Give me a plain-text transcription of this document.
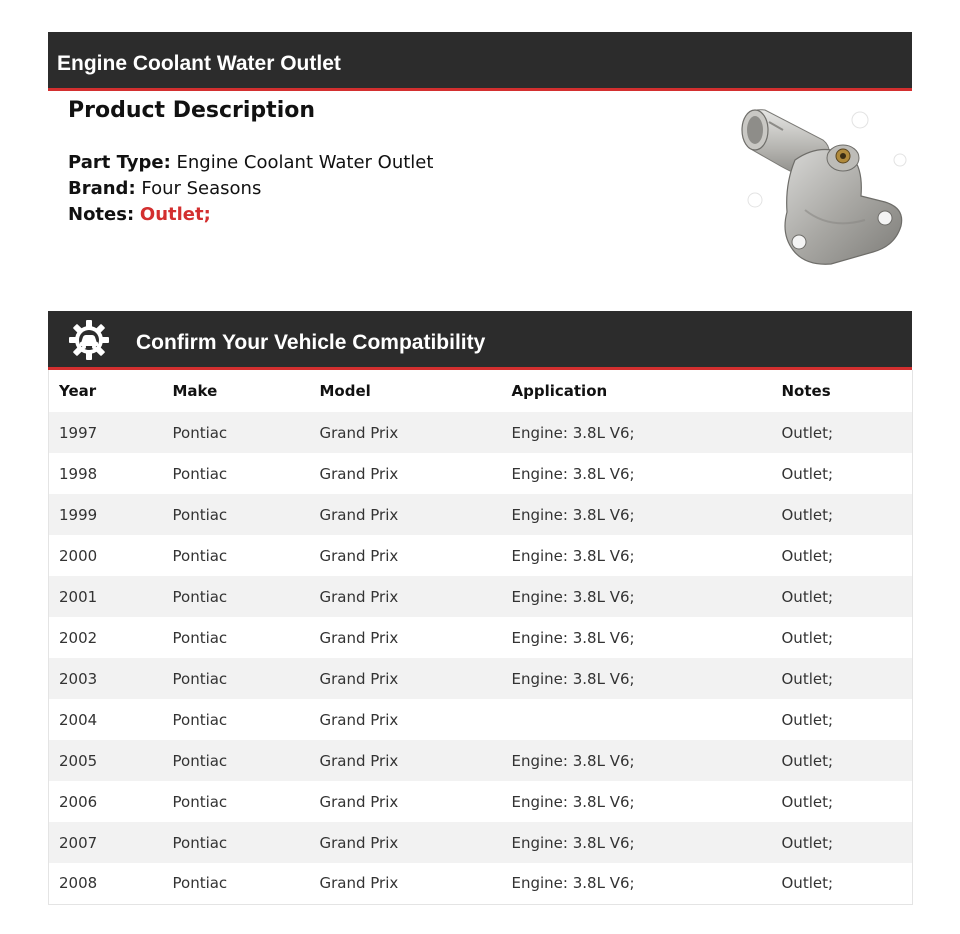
Engine Coolant Water Outlet
Product Description
Part Type: Engine Coolant Water Outlet
Brand: Four Seasons
Notes: Outlet;
Confirm Your Vehicle Compatibility
Year	Make	Model	Application	Notes
1997	Pontiac	Grand Prix	Engine: 3.8L V6;	Outlet;
1998	Pontiac	Grand Prix	Engine: 3.8L V6;	Outlet;
1999	Pontiac	Grand Prix	Engine: 3.8L V6;	Outlet;
2000	Pontiac	Grand Prix	Engine: 3.8L V6;	Outlet;
2001	Pontiac	Grand Prix	Engine: 3.8L V6;	Outlet;
2002	Pontiac	Grand Prix	Engine: 3.8L V6;	Outlet;
2003	Pontiac	Grand Prix	Engine: 3.8L V6;	Outlet;
2004	Pontiac	Grand Prix		Outlet;
2005	Pontiac	Grand Prix	Engine: 3.8L V6;	Outlet;
2006	Pontiac	Grand Prix	Engine: 3.8L V6;	Outlet;
2007	Pontiac	Grand Prix	Engine: 3.8L V6;	Outlet;
2008	Pontiac	Grand Prix	Engine: 3.8L V6;	Outlet;
